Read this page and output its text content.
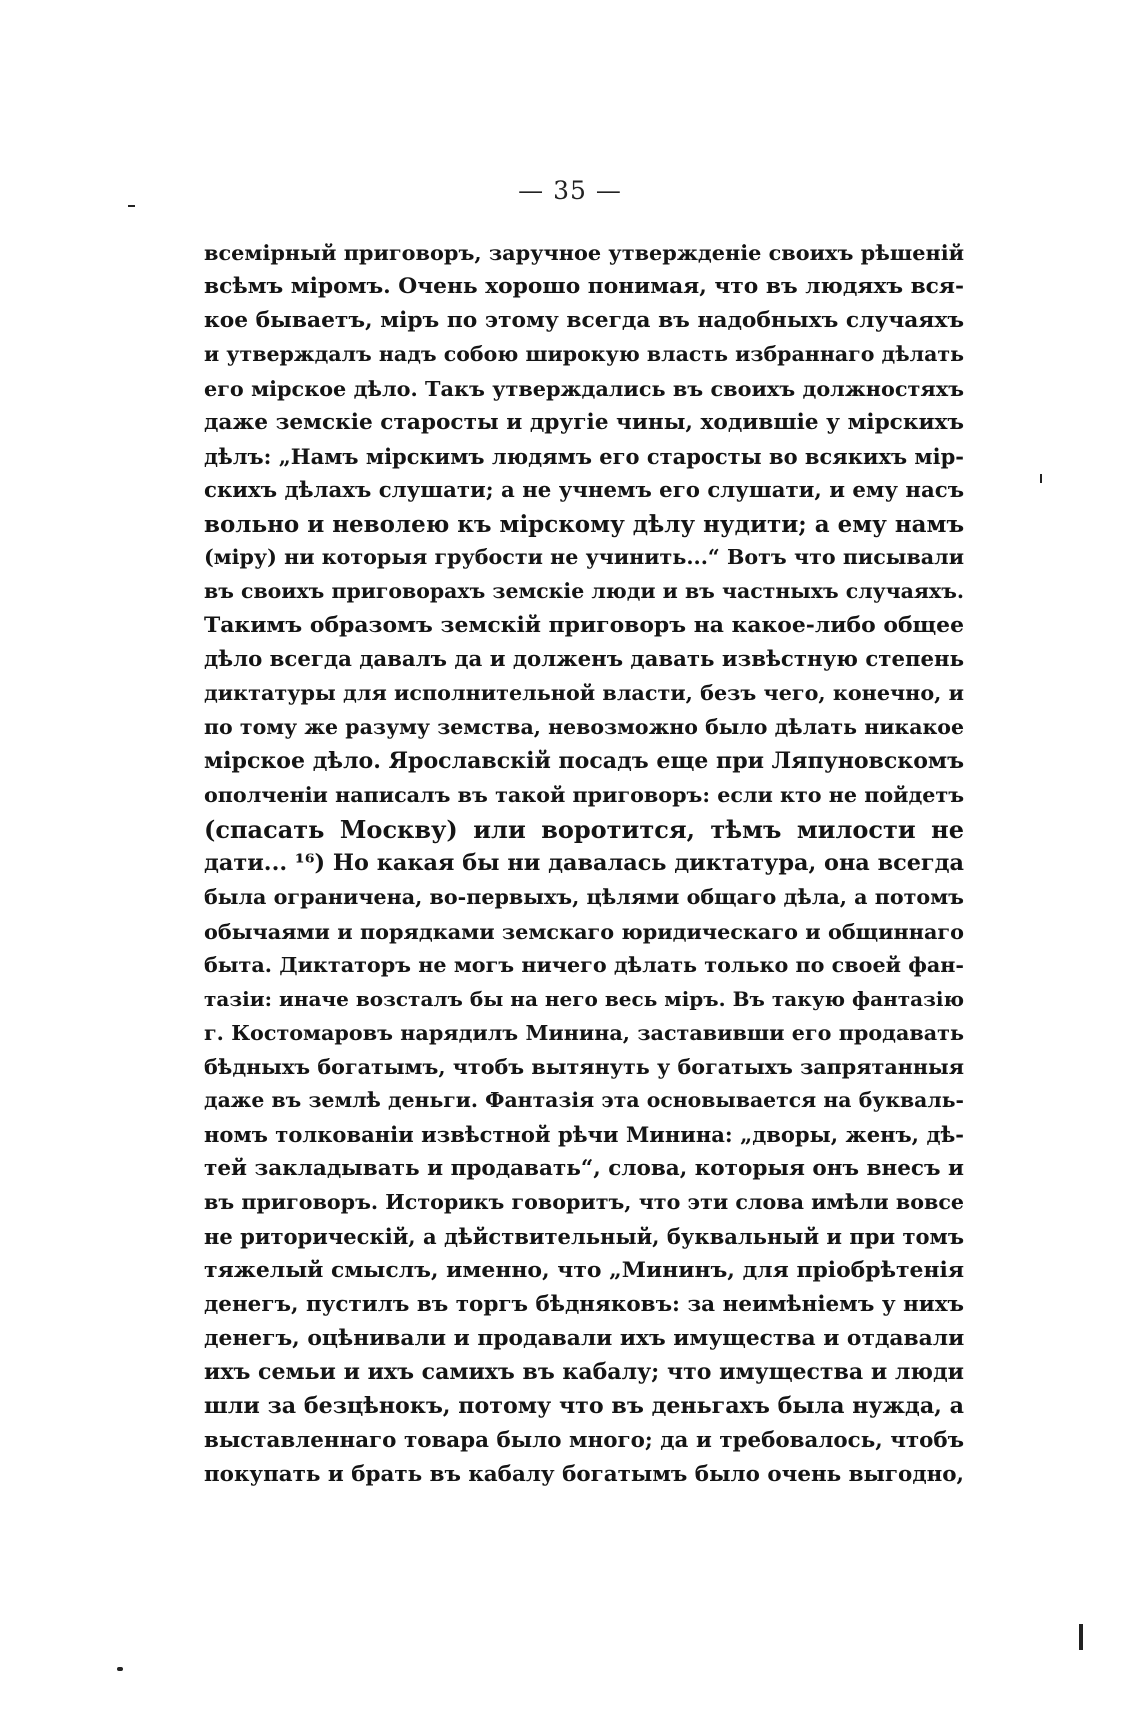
— 35 —
всемірный приговоръ, заручное утвержденіе своихъ рѣшеній
всѣмъ міромъ. Очень хорошо понимая, что въ людяхъ вся-
кое бываетъ, міръ по этому всегда въ надобныхъ случаяхъ
и утверждалъ надъ собою широкую власть избраннаго дѣлать
его мірское дѣло. Такъ утверждались въ своихъ должностяхъ
даже земскіе старосты и другіе чины, ходившіе у мірскихъ
дѣлъ: „Намъ мірскимъ людямъ его старосты во всякихъ мір-
скихъ дѣлахъ слушати; а не учнемъ его слушати, и ему насъ
вольно и неволею къ мірскому дѣлу нудити; а ему намъ
(міру) ни которыя грубости не учинить...“ Вотъ что писывали
въ своихъ приговорахъ земскіе люди и въ частныхъ случаяхъ.
Такимъ образомъ земскій приговоръ на какое-либо общее
дѣло всегда давалъ да и долженъ давать извѣстную степень
диктатуры для исполнительной власти, безъ чего, конечно, и
по тому же разуму земства, невозможно было дѣлать никакое
мірское дѣло. Ярославскій посадъ еще при Ляпуновскомъ
ополченіи написалъ въ такой приговоръ: если кто не пойдетъ
(спасать Москву) или воротится, тѣмъ милости не
дати... ¹⁶) Но какая бы ни давалась диктатура, она всегда
была ограничена, во-первыхъ, цѣлями общаго дѣла, а потомъ
обычаями и порядками земскаго юридическаго и общиннаго
быта. Диктаторъ не могъ ничего дѣлать только по своей фан-
тазіи: иначе возсталъ бы на него весь міръ. Въ такую фантазію
г. Костомаровъ нарядилъ Минина, заставивши его продавать
бѣдныхъ богатымъ, чтобъ вытянуть у богатыхъ запрятанныя
даже въ землѣ деньги. Фантазія эта основывается на букваль-
номъ толкованіи извѣстной рѣчи Минина: „дворы, женъ, дѣ-
тей закладывать и продавать“, слова, которыя онъ внесъ и
въ приговоръ. Историкъ говоритъ, что эти слова имѣли вовсе
не риторическій, а дѣйствительный, буквальный и при томъ
тяжелый смыслъ, именно, что „Мининъ, для пріобрѣтенія
денегъ, пустилъ въ торгъ бѣдняковъ: за неимѣніемъ у нихъ
денегъ, оцѣнивали и продавали ихъ имущества и отдавали
ихъ семьи и ихъ самихъ въ кабалу; что имущества и люди
шли за безцѣнокъ, потому что въ деньгахъ была нужда, а
выставленнаго товара было много; да и требовалось, чтобъ
покупать и брать въ кабалу богатымъ было очень выгодно,
